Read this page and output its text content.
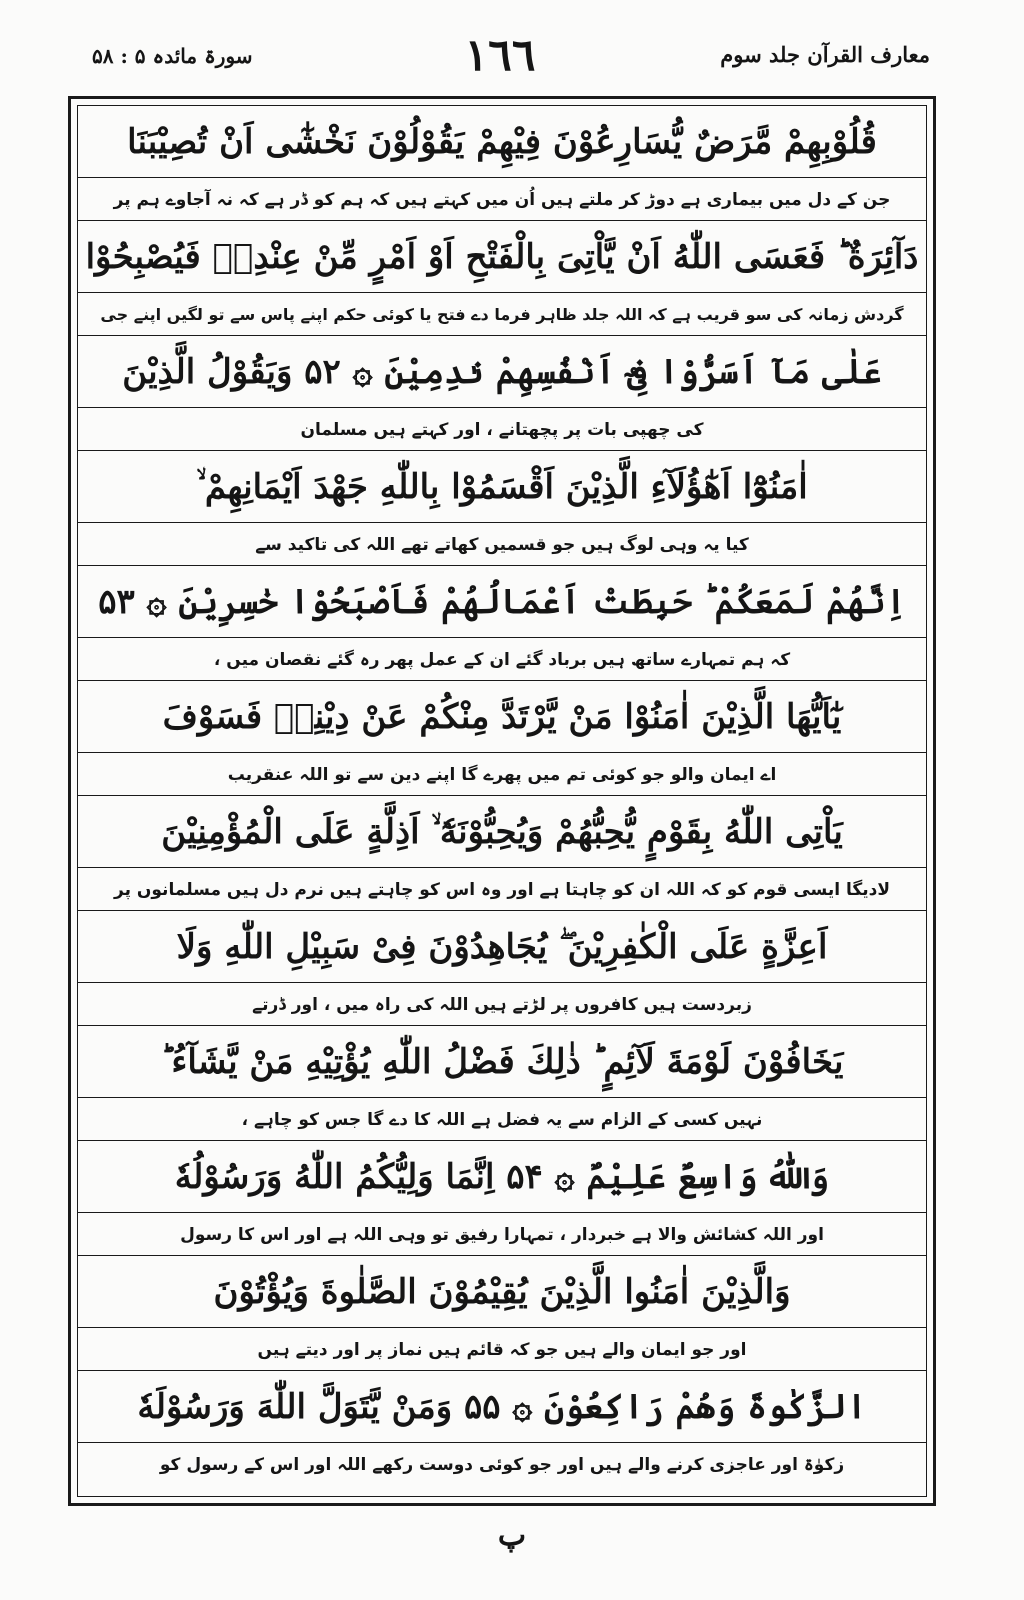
معارف القرآن جلد سوم
١٦٦
سورۃ مائدہ ۵ : ۵۸
قُلُوْبِهِمْ مَّرَضٌ يُّسَارِعُوْنَ فِيْهِمْ يَقُوْلُوْنَ نَخْشٰٓى اَنْ تُصِيْبَنَا
جن کے دل میں بیماری ہے دوڑ کر ملتے ہیں اُن میں کہتے ہیں کہ ہم کو ڈر ہے کہ نہ آجاوے ہم پر
دَآئِرَةٌ ؕ فَعَسَى اللّٰهُ اَنْ يَّاْتِىَ بِالْفَتْحِ اَوْ اَمْرٍ مِّنْ عِنْدِهٖ فَيُصْبِحُوْا
گردش زمانہ کی سو قریب ہے کہ اللہ جلد ظاہر فرما دے فتح یا کوئی حکم اپنے پاس سے تو لگیں اپنے جی
عَلٰى مَآ اَسَرُّوْا فِىْٓ اَنْفُسِهِمْ نٰدِمِيْنَ ۞ ۵۲ وَيَقُوْلُ الَّذِيْنَ
کی چھپی بات پر پچھتانے ، اور کہتے ہیں مسلمان
اٰمَنُوْٓا اَهٰٓؤُلَآءِ الَّذِيْنَ اَقْسَمُوْا بِاللّٰهِ جَهْدَ اَيْمَانِهِمْ ۙ
کیا یہ وہی لوگ ہیں جو قسمیں کھاتے تھے اللہ کی تاکید سے
اِنَّهُمْ لَمَعَكُمْ ؕ حَبِطَتْ اَعْمَالُهُمْ فَاَصْبَحُوْا خٰسِرِيْنَ ۞ ۵۳
کہ ہم تمہارے ساتھ ہیں برباد گئے ان کے عمل پھر رہ گئے نقصان میں ،
يٰٓاَيُّهَا الَّذِيْنَ اٰمَنُوْا مَنْ يَّرْتَدَّ مِنْكُمْ عَنْ دِيْنِهٖ فَسَوْفَ
اے ایمان والو جو کوئی تم میں پھرے گا اپنے دین سے تو اللہ عنقریب
يَاْتِى اللّٰهُ بِقَوْمٍ يُّحِبُّهُمْ وَيُحِبُّوْنَهٗٓ ۙ اَذِلَّةٍ عَلَى الْمُؤْمِنِيْنَ
لادیگا ایسی قوم کو کہ اللہ ان کو چاہتا ہے اور وہ اس کو چاہتے ہیں نرم دل ہیں مسلمانوں پر
اَعِزَّةٍ عَلَى الْكٰفِرِيْنَ ۖ يُجَاهِدُوْنَ فِىْ سَبِيْلِ اللّٰهِ وَلَا
زبردست ہیں کافروں پر لڑتے ہیں اللہ کی راہ میں ، اور ڈرتے
يَخَافُوْنَ لَوْمَةَ لَآئِمٍ ؕ ذٰلِكَ فَضْلُ اللّٰهِ يُؤْتِيْهِ مَنْ يَّشَآءُ ؕ
نہیں کسی کے الزام سے یہ فضل ہے اللہ کا دے گا جس کو چاہے ،
وَاللّٰهُ وَاسِعٌ عَلِيْمٌ ۞ ۵۴ اِنَّمَا وَلِيُّكُمُ اللّٰهُ وَرَسُوْلُهٗ
اور اللہ کشائش والا ہے خبردار ، تمہارا رفیق تو وہی اللہ ہے اور اس کا رسول
وَالَّذِيْنَ اٰمَنُوا الَّذِيْنَ يُقِيْمُوْنَ الصَّلٰوةَ وَيُؤْتُوْنَ
اور جو ایمان والے ہیں جو کہ قائم ہیں نماز پر اور دیتے ہیں
الزَّكٰوةَ وَهُمْ رَاكِعُوْنَ ۞ ۵۵ وَمَنْ يَّتَوَلَّ اللّٰهَ وَرَسُوْلَهٗ
زکوٰۃ اور عاجزی کرنے والے ہیں اور جو کوئی دوست رکھے اللہ اور اس کے رسول کو
پ
